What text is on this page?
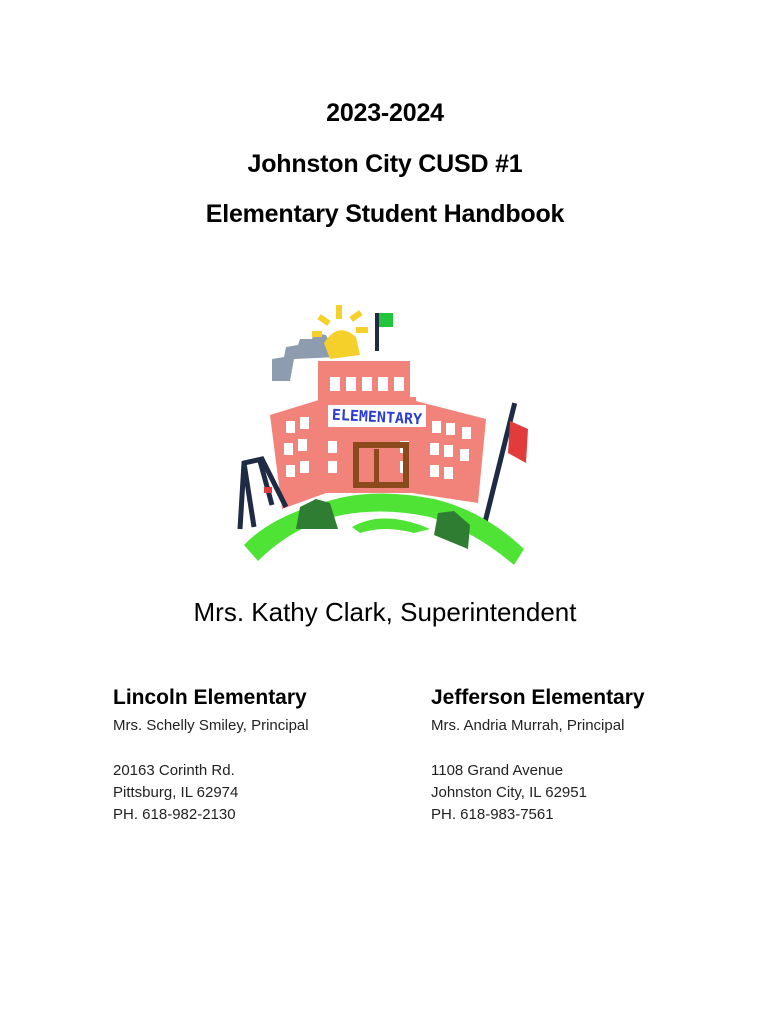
2023-2024
Johnston City CUSD #1
Elementary Student Handbook
ELEMENTARY
Mrs. Kathy Clark, Superintendent
Lincoln Elementary
Mrs. Schelly Smiley, Principal
20163 Corinth Rd.
Pittsburg, IL 62974
PH. 618-982-2130
Jefferson Elementary
Mrs. Andria Murrah, Principal
1108 Grand Avenue
Johnston City, IL 62951
PH. 618-983-7561
